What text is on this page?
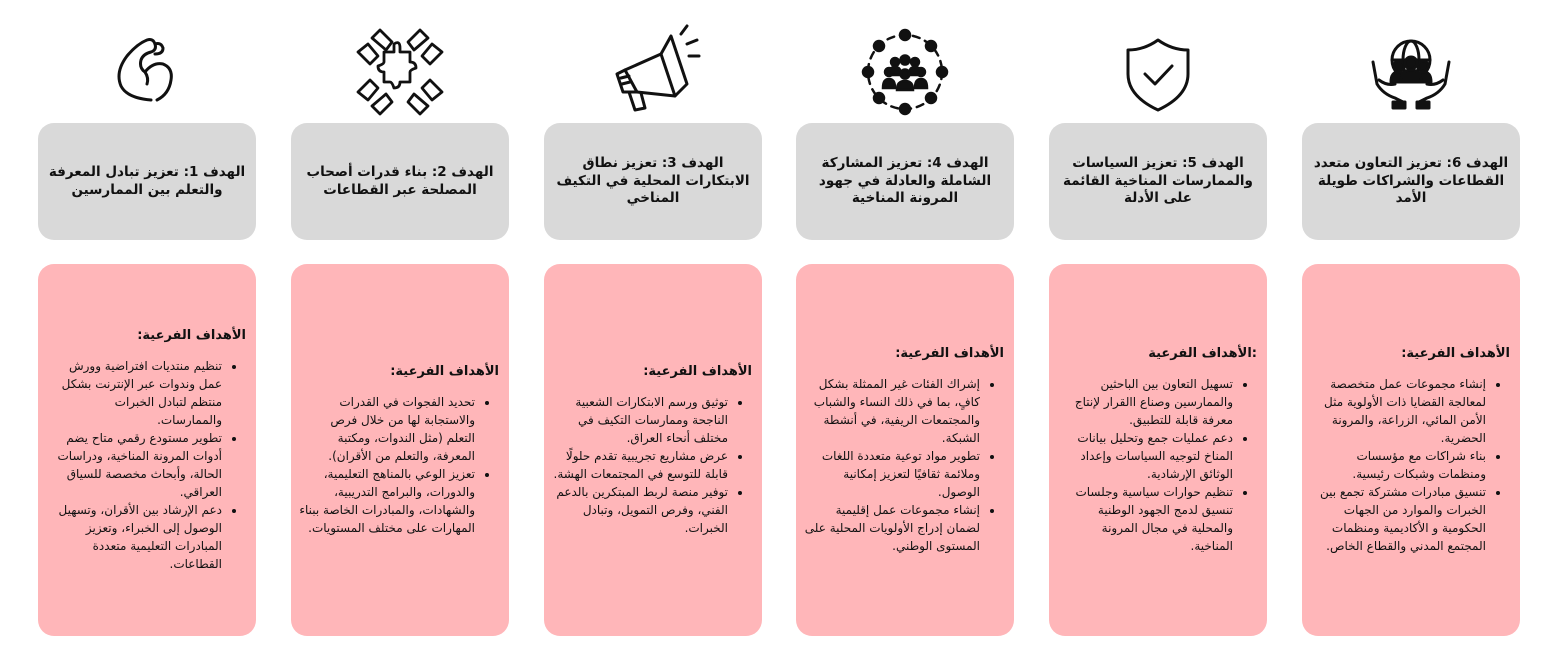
الهدف 6: تعزيز التعاون متعدد القطاعات والشراكات طويلة الأمد

الأهداف الفرعية:

• إنشاء مجموعات عمل متخصصة لمعالجة القضايا ذات الأولوية مثل الأمن المائي، الزراعة، والمرونة الحضرية.
• بناء شراكات مع مؤسسات ومنظمات وشبكات رئيسية.
• تنسيق مبادرات مشتركة تجمع بين الخبرات والموارد من الجهات الحكومية و الأكاديمية ومنظمات المجتمع المدني والقطاع الخاص.

الهدف 5: تعزيز السياسات والممارسات المناخية القائمة على الأدلة

:الأهداف الفرعية

• تسهيل التعاون بين الباحثين والممارسين وصناع االقرار لإنتاج معرفة قابلة للتطبيق.
• دعم عمليات جمع وتحليل بيانات المناخ لتوجيه السياسات وإعداد الوثائق الإرشادية.
• تنظيم حوارات سياسية وجلسات تنسيق لدمج الجهود الوطنية والمحلية في مجال المرونة المناخية.

الهدف 4: تعزيز المشاركة الشاملة والعادلة في جهود المرونة المناخية

الأهداف الفرعية:

• إشراك الفئات غير الممثلة بشكل كافٍ، بما في ذلك النساء والشباب والمجتمعات الريفية، في أنشطة الشبكة.
• تطوير مواد توعية متعددة اللغات وملائمة ثقافيًا لتعزيز إمكانية الوصول.
• إنشاء مجموعات عمل إقليمية لضمان إدراج الأولويات المحلية على المستوى الوطني.

الهدف 3: تعزيز نطاق الابتكارات المحلية في التكيف المناخي

الأهداف الفرعية:

• توثيق ورسم الابتكارات الشعبية الناجحة وممارسات التكيف في مختلف أنحاء العراق.
• عرض مشاريع تجريبية تقدم حلولًا قابلة للتوسع في المجتمعات الهشة.
• توفير منصة لربط المبتكرين بالدعم الفني، وفرص التمويل، وتبادل الخبرات.

الهدف 2: بناء قدرات أصحاب المصلحة عبر القطاعات

الأهداف الفرعية:

• تحديد الفجوات في القدرات والاستجابة لها من خلال فرص التعلم (مثل الندوات، ومكتبة المعرفة، والتعلم من الأقران).
• تعزيز الوعي بالمناهج التعليمية، والدورات، والبرامج التدريبية، والشهادات، والمبادرات الخاصة ببناء المهارات على مختلف المستويات.

الهدف 1: تعزيز تبادل المعرفة والتعلم بين الممارسين

الأهداف الفرعية:

• تنظيم منتديات افتراضية وورش عمل وندوات عبر الإنترنت بشكل منتظم لتبادل الخبرات والممارسات.
• تطوير مستودع رقمي متاح يضم أدوات المرونة المناخية، ودراسات الحالة، وأبحاث مخصصة للسياق العراقي.
• دعم الإرشاد بين الأقران، وتسهيل الوصول إلى الخبراء، وتعزيز المبادرات التعليمية متعددة القطاعات.
